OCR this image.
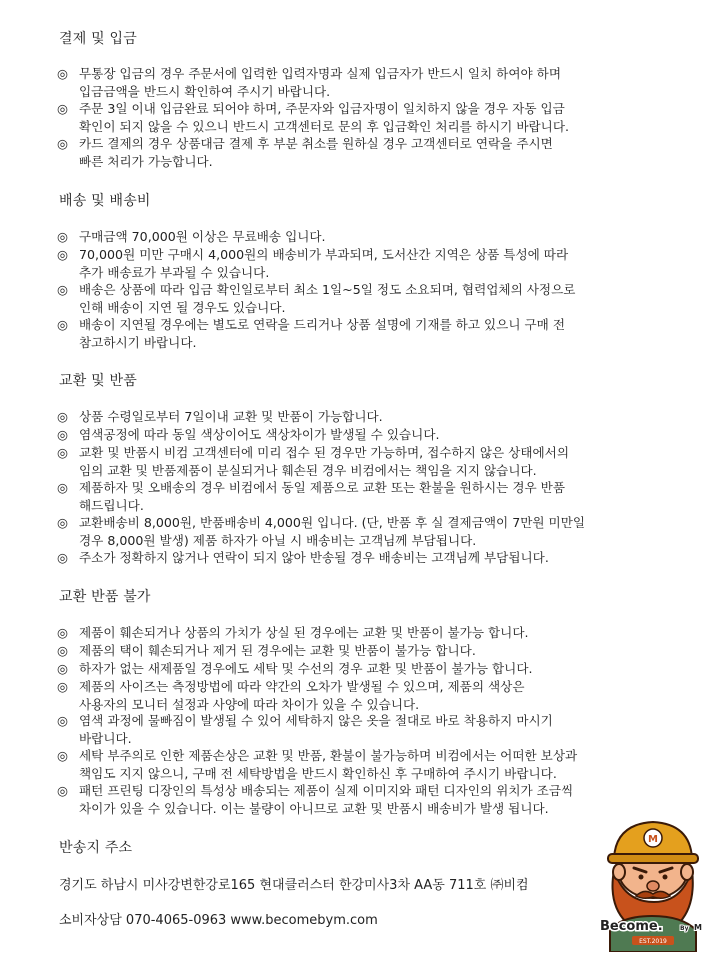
결제 및 입금
◎ 무통장 입금의 경우 주문서에 입력한 입력자명과 실제 입금자가 반드시 일치 하여야 하며
입금금액을 반드시 확인하여 주시기 바랍니다.
◎ 주문 3일 이내 입금완료 되어야 하며, 주문자와 입금자명이 일치하지 않을 경우 자동 입금
확인이 되지 않을 수 있으니 반드시 고객센터로 문의 후 입금확인 처리를 하시기 바랍니다.
◎ 카드 결제의 경우 상품대금 결제 후 부분 취소를 원하실 경우 고객센터로 연락을 주시면
빠른 처리가 가능합니다.
배송 및 배송비
◎ 구매금액 70,000원 이상은 무료배송 입니다.
◎ 70,000원 미만 구매시 4,000원의 배송비가 부과되며, 도서산간 지역은 상품 특성에 따라
추가 배송료가 부과될 수 있습니다.
◎ 배송은 상품에 따라 입금 확인일로부터 최소 1일~5일 정도 소요되며, 협력업체의 사정으로
인해 배송이 지연 될 경우도 있습니다.
◎ 배송이 지연될 경우에는 별도로 연락을 드리거나 상품 설명에 기재를 하고 있으니 구매 전
참고하시기 바랍니다.
교환 및 반품
◎ 상품 수령일로부터 7일이내 교환 및 반품이 가능합니다.
◎ 염색공정에 따라 동일 색상이어도 색상차이가 발생될 수 있습니다.
◎ 교환 및 반품시 비컴 고객센터에 미리 접수 된 경우만 가능하며, 접수하지 않은 상태에서의
임의 교환 및 반품제품이 분실되거나 훼손된 경우 비컴에서는 책임을 지지 않습니다.
◎ 제품하자 및 오배송의 경우 비컴에서 동일 제품으로 교환 또는 환불을 원하시는 경우 반품
해드립니다.
◎ 교환배송비 8,000원, 반품배송비 4,000원 입니다. (단, 반품 후 실 결제금액이 7만원 미만일
경우 8,000원 발생) 제품 하자가 아닐 시 배송비는 고객님께 부담됩니다.
◎ 주소가 정확하지 않거나 연락이 되지 않아 반송될 경우 배송비는 고객님께 부담됩니다.
교환 반품 불가
◎ 제품이 훼손되거나 상품의 가치가 상실 된 경우에는 교환 및 반품이 불가능 합니다.
◎ 제품의 택이 훼손되거나 제거 된 경우에는 교환 및 반품이 불가능 합니다.
◎ 하자가 없는 새제품일 경우에도 세탁 및 수선의 경우 교환 및 반품이 불가능 합니다.
◎ 제품의 사이즈는 측정방법에 따라 약간의 오차가 발생될 수 있으며, 제품의 색상은
사용자의 모니터 설정과 사양에 따라 차이가 있을 수 있습니다.
◎ 염색 과정에 물빠짐이 발생될 수 있어 세탁하지 않은 옷을 절대로 바로 착용하지 마시기
바랍니다.
◎ 세탁 부주의로 인한 제품손상은 교환 및 반품, 환불이 불가능하며 비컴에서는 어떠한 보상과
책임도 지지 않으니, 구매 전 세탁방법을 반드시 확인하신 후 구매하여 주시기 바랍니다.
◎ 패턴 프린팅 디장인의 특성상 배송되는 제품이 실제 이미지와 패턴 디자인의 위치가 조금씩
차이가 있을 수 있습니다. 이는 불량이 아니므로 교환 및 반품시 배송비가 발생 됩니다.
반송지 주소
경기도 하남시 미사강변한강로165 현대클러스터 한강미사3차 AA동 711호 ㈜비컴
소비자상담 070-4065-0963 www.becomebym.com
M
Become.	By M
EST.2019
